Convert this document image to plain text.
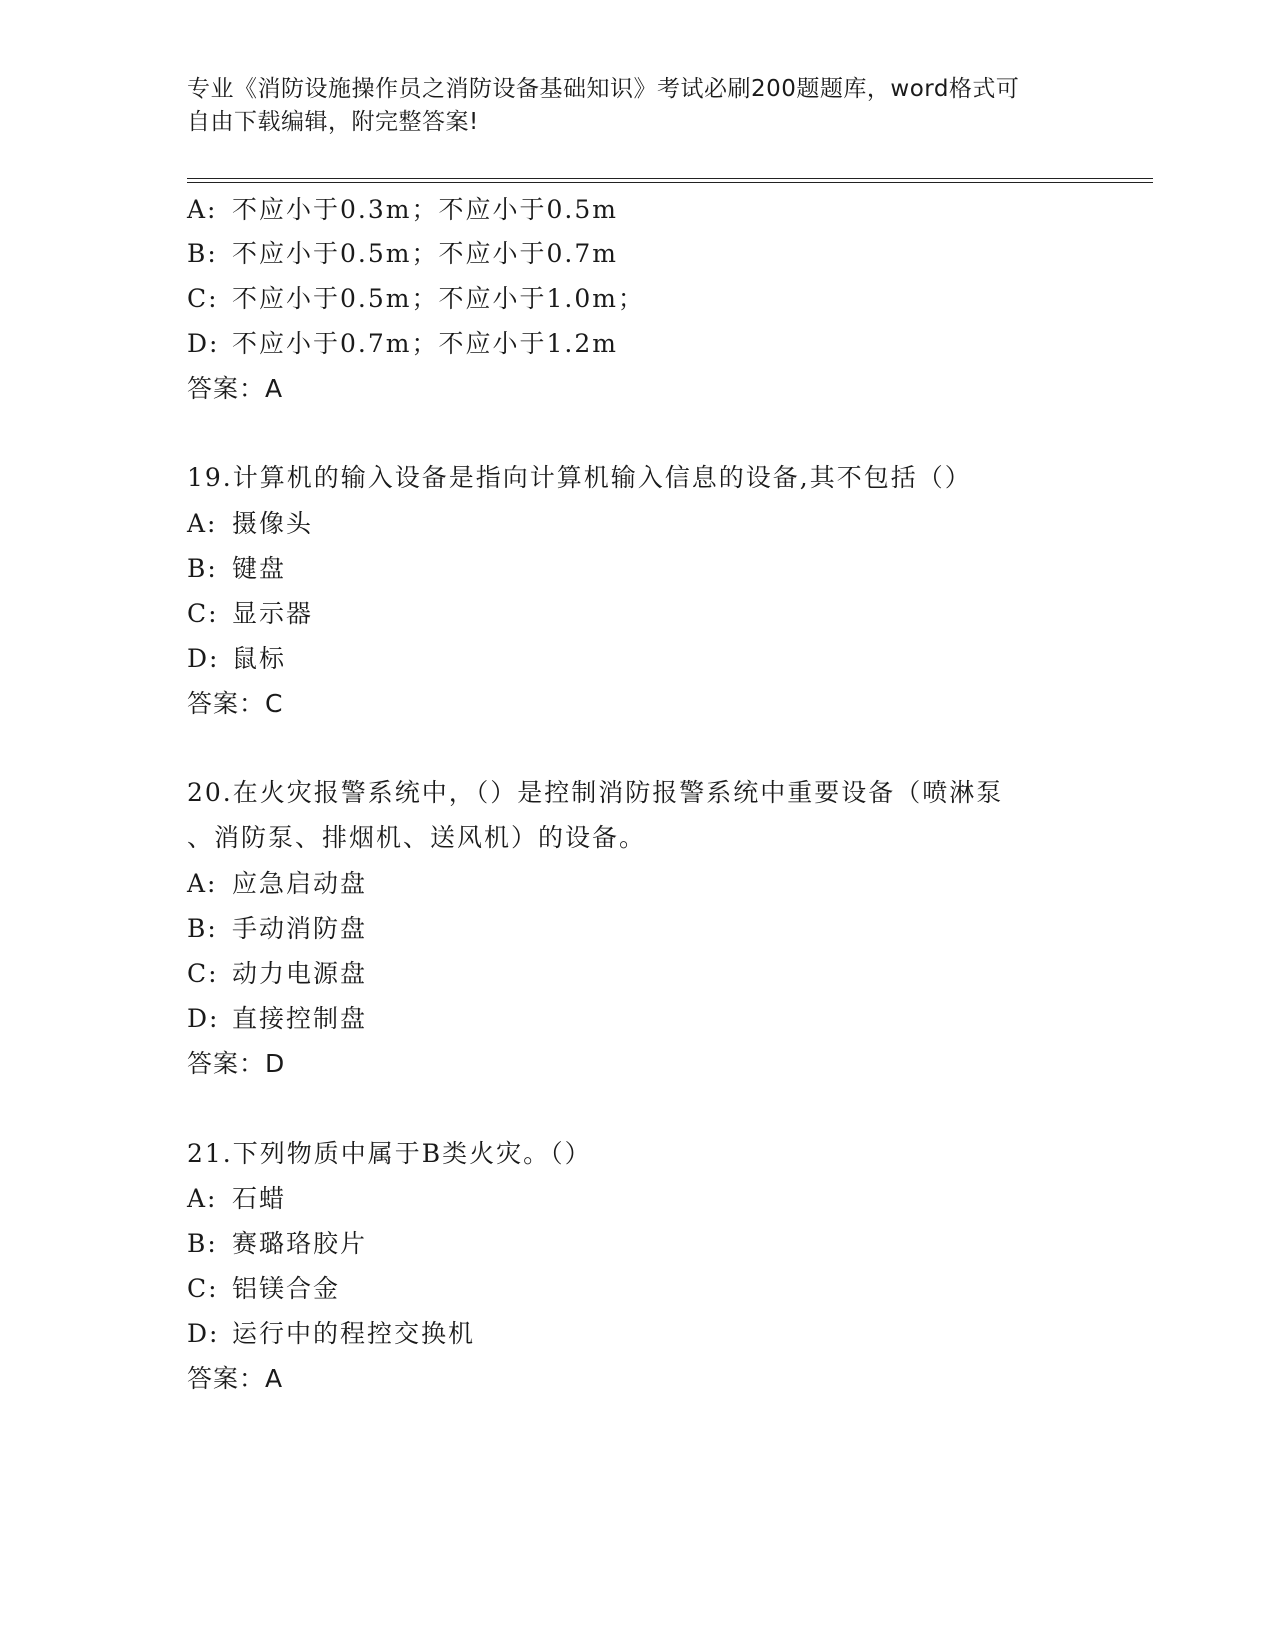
专业《消防设施操作员之消防设备基础知识》考试必刷200题题库，word格式可
自由下载编辑，附完整答案!
A: 不应小于0.3m；不应小于0.5m
B: 不应小于0.5m；不应小于0.7m
C: 不应小于0.5m；不应小于1.0m；
D: 不应小于0.7m；不应小于1.2m
答案：A
19.计算机的输入设备是指向计算机输入信息的设备,其不包括（）
A: 摄像头
B: 键盘
C: 显示器
D: 鼠标
答案：C
20.在火灾报警系统中，（）是控制消防报警系统中重要设备（喷淋泵
、消防泵、排烟机、送风机）的设备。
A: 应急启动盘
B: 手动消防盘
C: 动力电源盘
D: 直接控制盘
答案：D
21.下列物质中属于B类火灾。（）
A: 石蜡
B: 赛璐珞胶片
C: 铝镁合金
D: 运行中的程控交换机
答案：A
